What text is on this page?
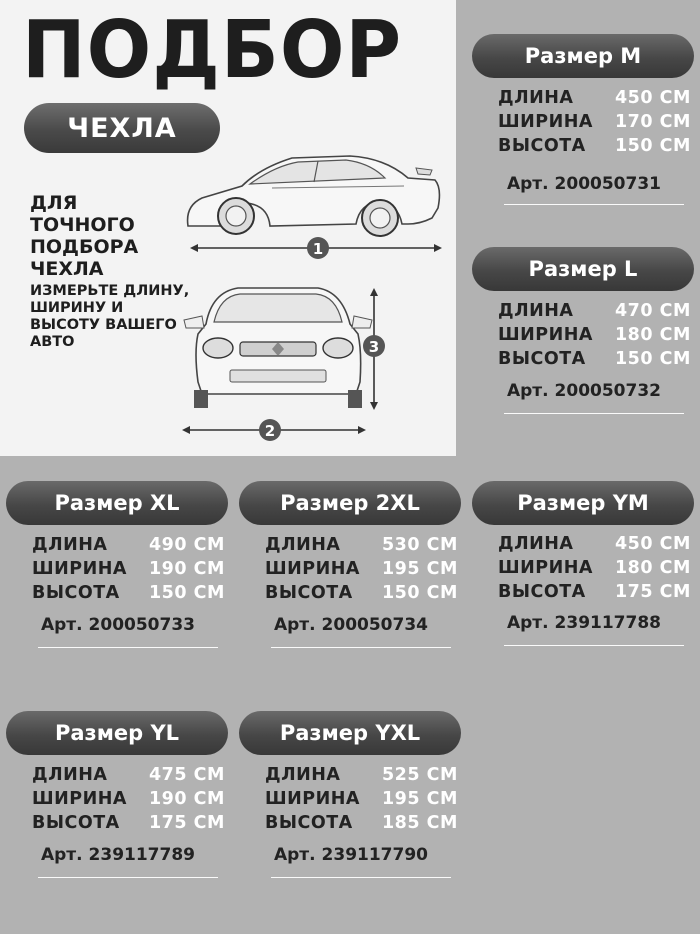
ПОДБОР
ЧЕХЛА
ДЛЯ
ТОЧНОГО
ПОДБОРА
ЧЕХЛА
ИЗМЕРЬТЕ ДЛИНУ, ШИРИНУ И ВЫСОТУ ВАШЕГО АВТО
1
2
3
Размер M
ДЛИНА	450 СМ
ШИРИНА	170 СМ
ВЫСОТА	150 СМ
Арт. 200050731
Размер L
ДЛИНА	470 СМ
ШИРИНА	180 СМ
ВЫСОТА	150 СМ
Арт. 200050732
Размер XL
ДЛИНА	490 СМ
ШИРИНА	190 СМ
ВЫСОТА	150 СМ
Арт. 200050733
Размер 2XL
ДЛИНА	530 СМ
ШИРИНА	195 СМ
ВЫСОТА	150 СМ
Арт. 200050734
Размер YM
ДЛИНА	450 СМ
ШИРИНА	180 СМ
ВЫСОТА	175 СМ
Арт. 239117788
Размер YL
ДЛИНА	475 СМ
ШИРИНА	190 СМ
ВЫСОТА	175 СМ
Арт. 239117789
Размер YXL
ДЛИНА	525 СМ
ШИРИНА	195 СМ
ВЫСОТА	185 СМ
Арт. 239117790
